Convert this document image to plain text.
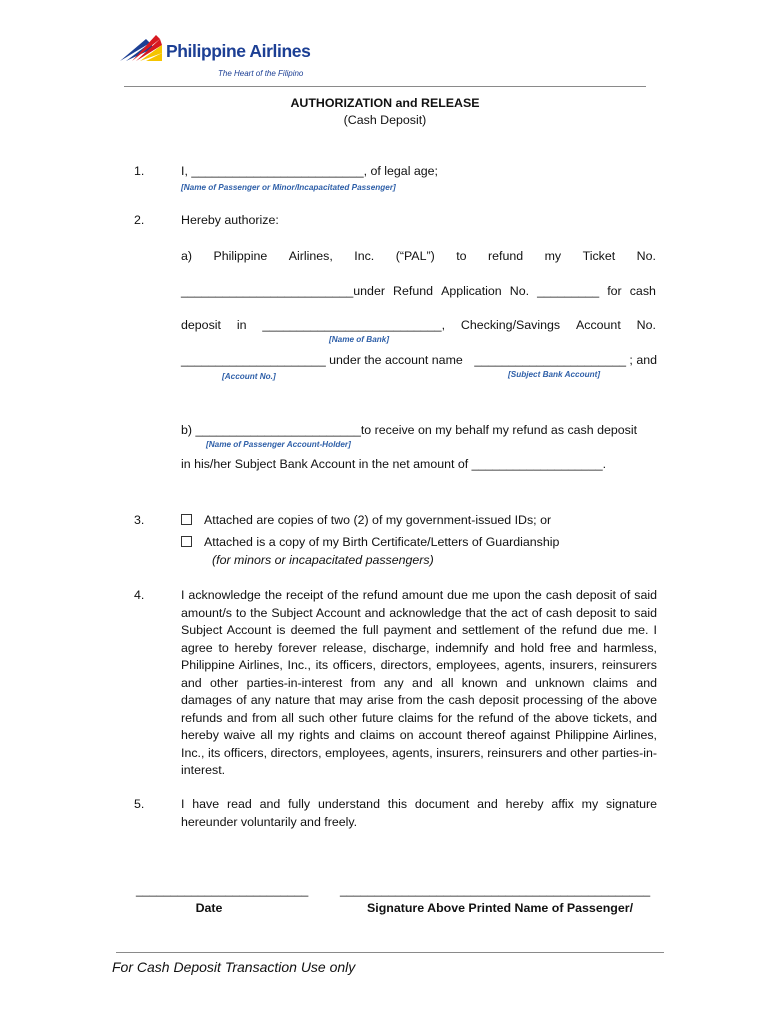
Philippine Airlines
The Heart of the Filipino
AUTHORIZATION and RELEASE
(Cash Deposit)
1.	I, _________________________, of legal age;
[Name of Passenger or Minor/Incapacitated Passenger]
2.	Hereby authorize:
a) Philippine Airlines, Inc. (“PAL”) to refund my Ticket No.
_________________________under Refund Application No. _________ for cash
deposit in __________________________, Checking/Savings Account No.
[Name of Bank]
_____________________ under the account name ______________________ ; and
[Account No.]	[Subject Bank Account]
b) ________________________to receive on my behalf my refund as cash deposit
[Name of Passenger Account-Holder]
in his/her Subject Bank Account in the net amount of ___________________.
3.	Attached are copies of two (2) of my government-issued IDs; or
Attached is a copy of my Birth Certificate/Letters of Guardianship
(for minors or incapacitated passengers)
4.	I acknowledge the receipt of the refund amount due me upon the cash deposit of said amount/s to the Subject Account and acknowledge that the act of cash deposit to said Subject Account is deemed the full payment and settlement of the refund due me. I agree to hereby forever release, discharge, indemnify and hold free and harmless, Philippine Airlines, Inc., its officers, directors, employees, agents, insurers, reinsurers and other parties-in-interest from any and all known and unknown claims and damages of any nature that may arise from the cash deposit processing of the above refunds and from all such other future claims for the refund of the above tickets, and hereby waive all my rights and claims on account thereof against Philippine Airlines, Inc., its officers, directors, employees, agents, insurers, reinsurers and other parties-in-interest.
5.	I have read and fully understand this document and hereby affix my signature hereunder voluntarily and freely.
_________________________
Date
_____________________________________________
Signature Above Printed Name of Passenger/
For Cash Deposit Transaction Use only
